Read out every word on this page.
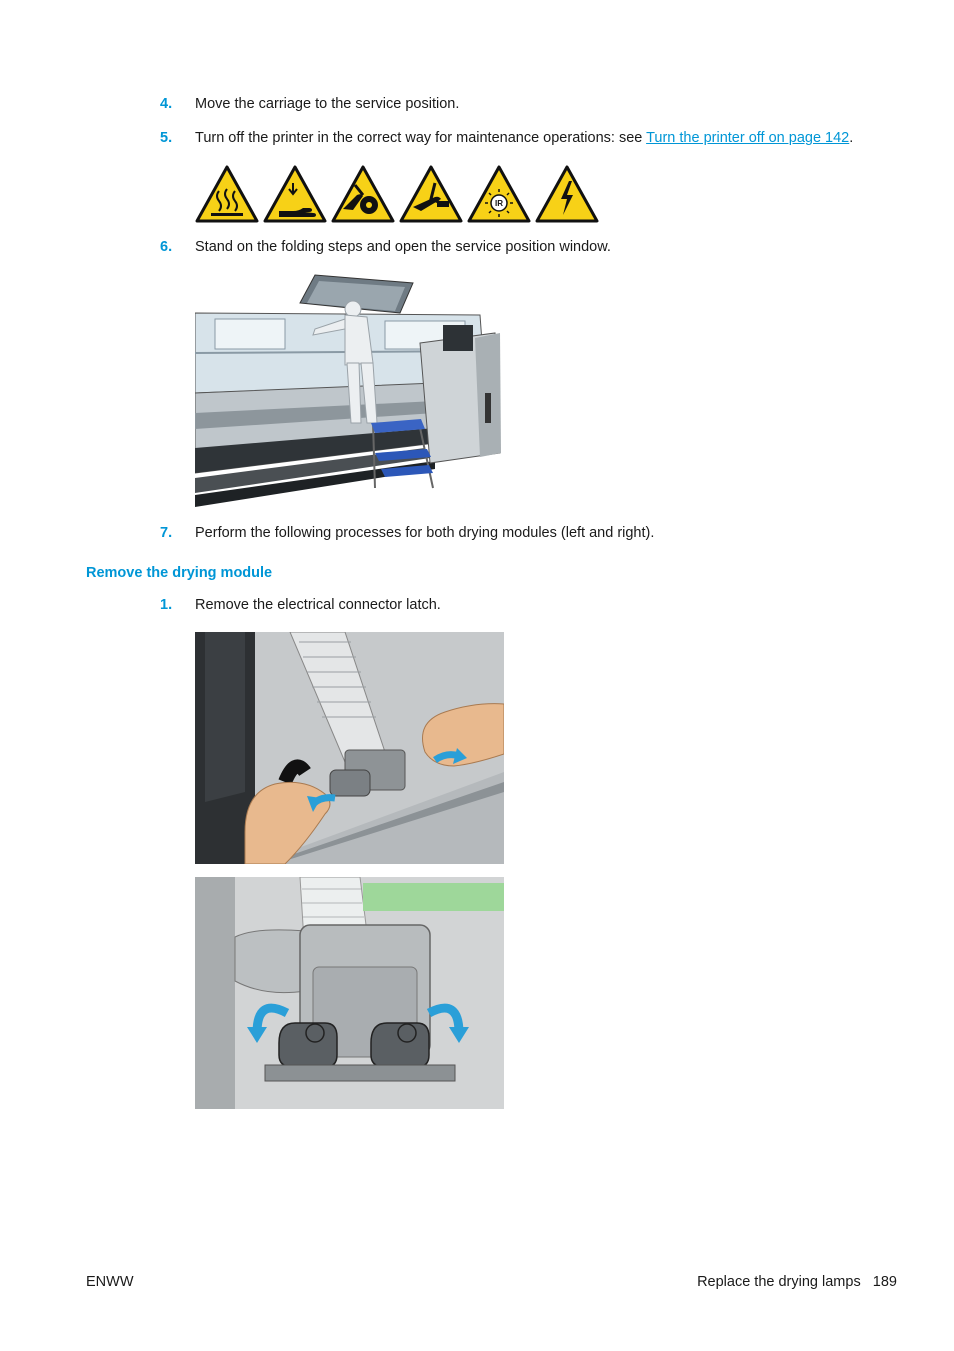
4. Move the carriage to the service position.
5. Turn off the printer in the correct way for maintenance operations: see Turn the printer off on page 142.
IR
6. Stand on the folding steps and open the service position window.
7. Perform the following processes for both drying modules (left and right).
Remove the drying module
1. Remove the electrical connector latch.
ENWW	Replace the drying lamps 189
